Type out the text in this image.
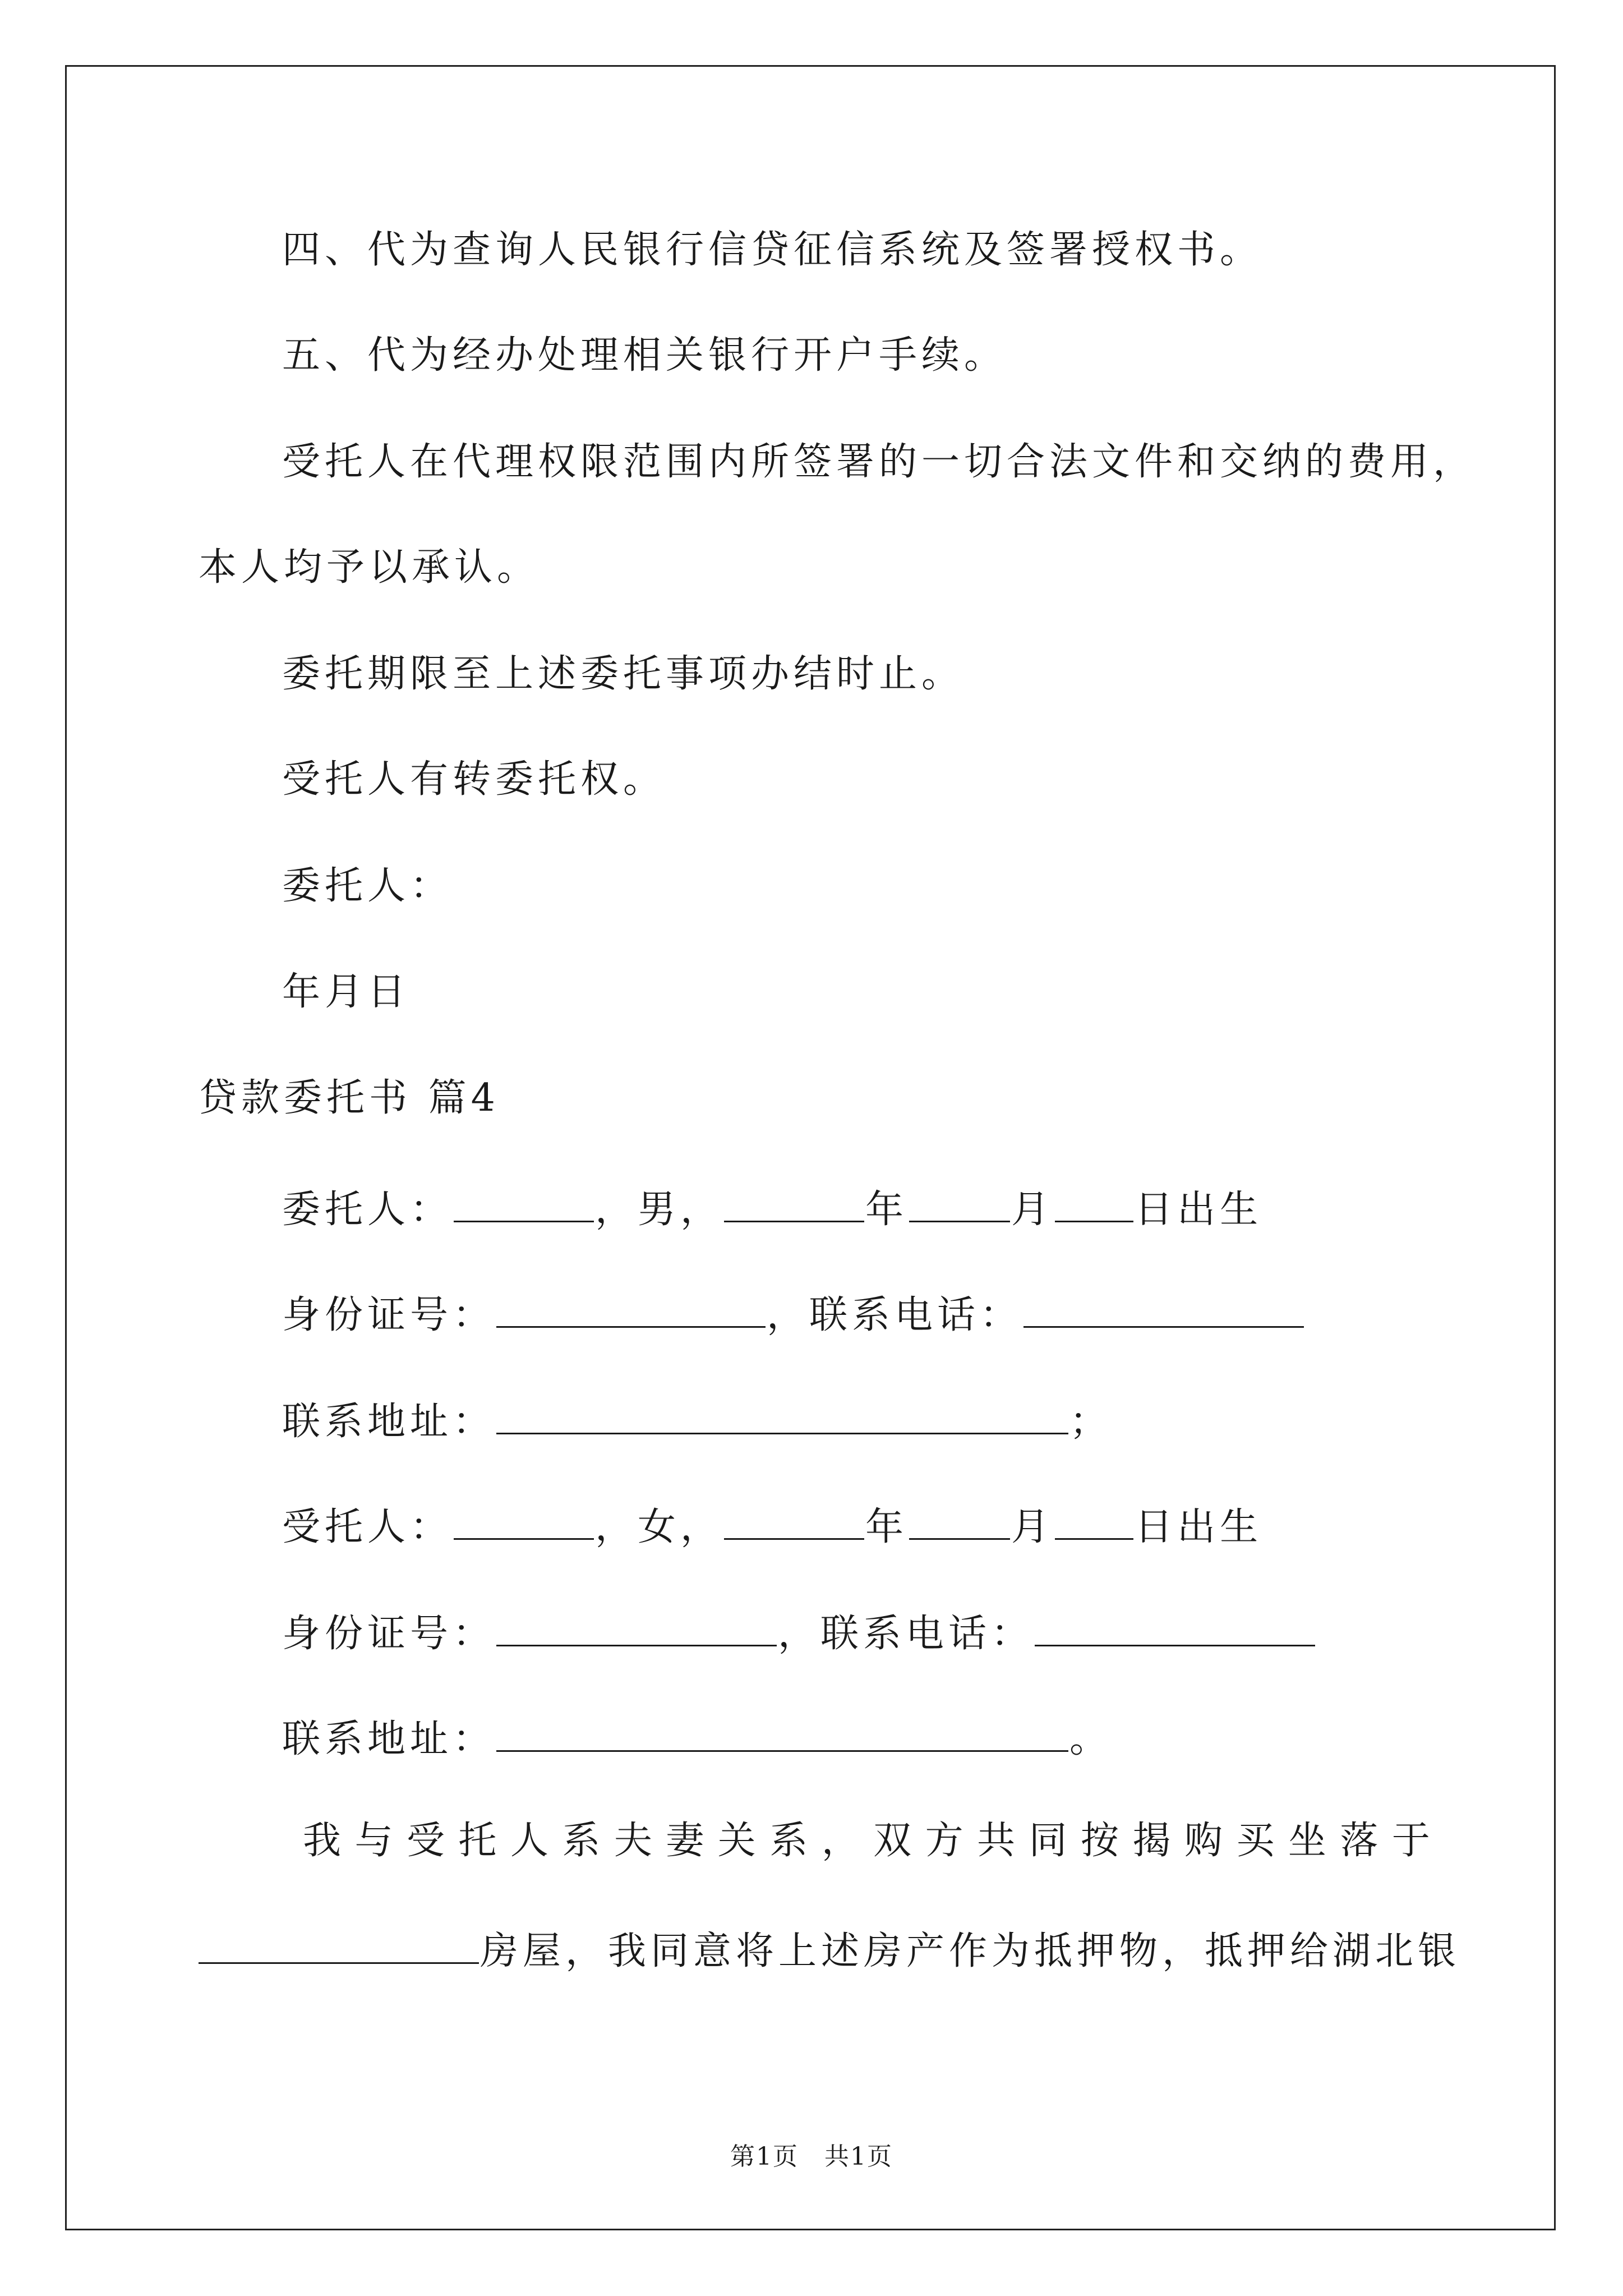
四、代为查询人民银行信贷征信系统及签署授权书。
五、代为经办处理相关银行开户手续。
受托人在代理权限范围内所签署的一切合法文件和交纳的费用，
本人均予以承认。
委托期限至上述委托事项办结时止。
受托人有转委托权。
委托人：
年月日
贷款委托书 篇4
委托人：	，男，	年	月 日出生
身份证号：	，联系电话：
联系地址：	；
受托人：	，女，	年	月 日出生
身份证号：	，联系电话：
联系地址：	。
我 与 受 托 人 系 夫 妻 关 系 ， 双 方 共 同 按 揭 购 买 坐 落 于
房屋，我同意将上述房产作为抵押物，抵押给湖北银
第1页　共1页
